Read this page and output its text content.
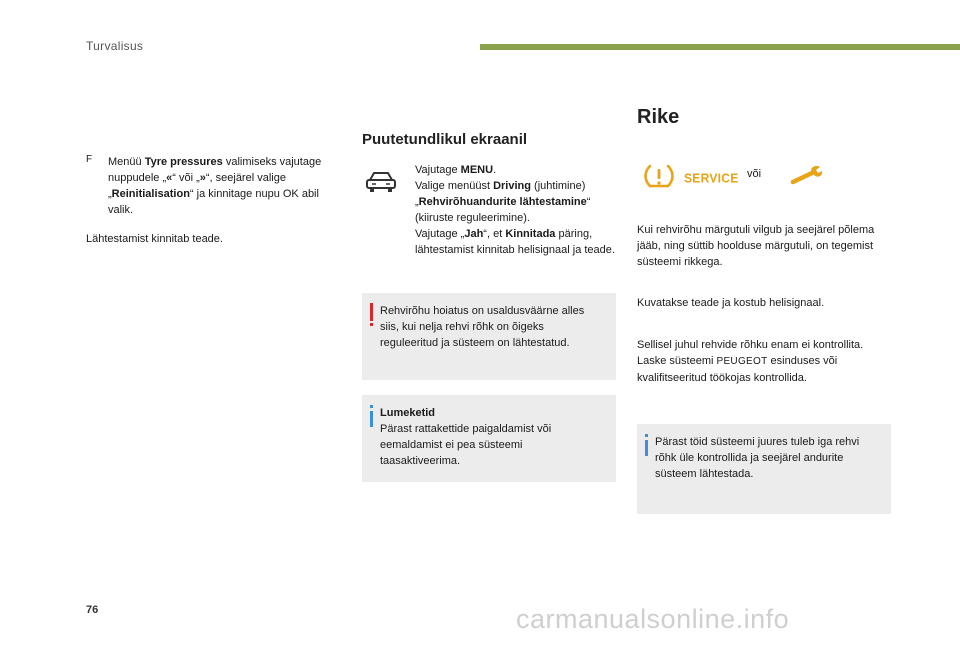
Turvalisus
F	Menüü Tyre pressures valimiseks vajutage nuppudele „«“ või „»“, seejärel valige „Reinitialisation“ ja kinnitage nupu OK abil valik.

Lähtestamist kinnitab teade.

Puutetundlikul ekraanil

Vajutage MENU.

Valige menüüst Driving (juhtimine)

„Rehvirõhuandurite lähtestamine“ (kiiruste reguleerimine).

Vajutage „Jah“, et Kinnitada päring, lähtestamist kinnitab helisignaal ja teade.

Rehvirõhu hoiatus on usaldusväärne alles siis, kui nelja rehvi rõhk on õigeks reguleeritud ja süsteem on lähtestatud.

Lumeketid

Pärast rattakettide paigaldamist või eemaldamist ei pea süsteemi taasaktiveerima.

Rike
SERVICE või

Kui rehvirõhu märgutuli vilgub ja seejärel põlema jääb, ning süttib hoolduse märgutuli, on tegemist süsteemi rikkega.

Kuvatakse teade ja kostub helisignaal.

Sellisel juhul rehvide rõhku enam ei kontrollita. Laske süsteemi PEUGEOT esinduses või kvalifitseeritud töökojas kontrollida.

Pärast töid süsteemi juures tuleb iga rehvi rõhk üle kontrollida ja seejärel andurite süsteem lähtestada.

76	carmanualsonline.info
